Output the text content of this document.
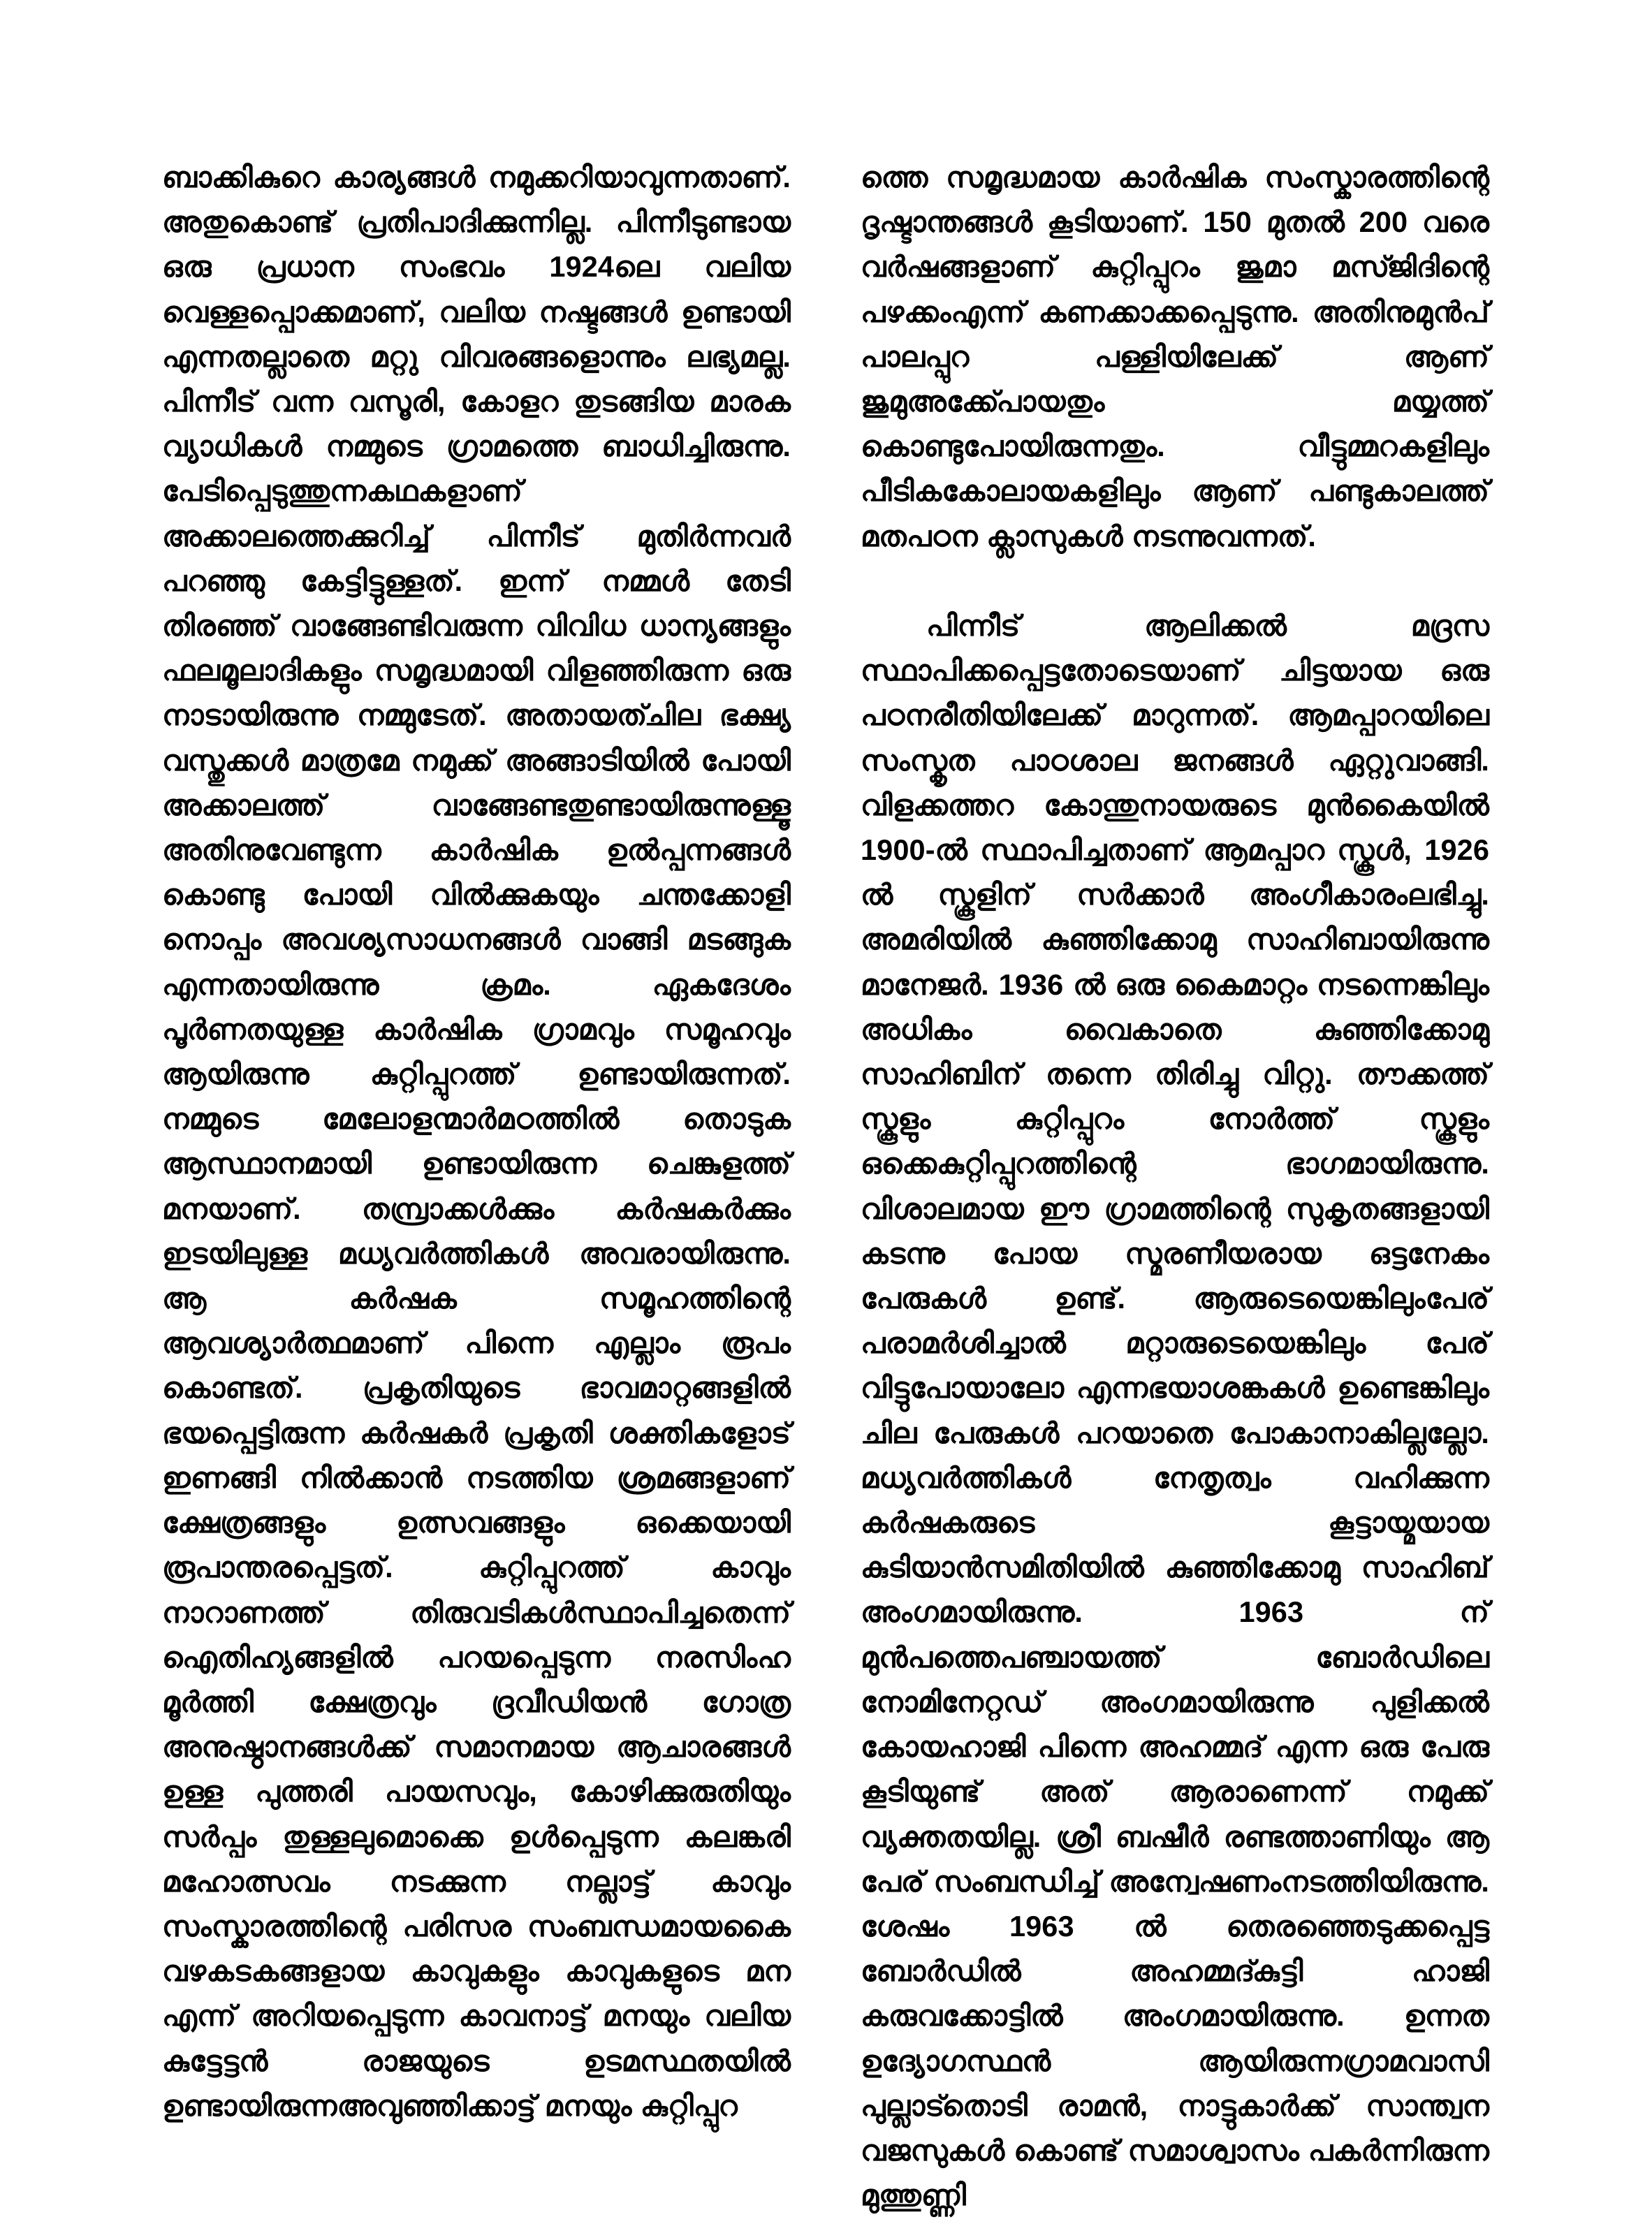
ബാക്കികുറെ കാര്യങ്ങൾ നമുക്കറിയാവുന്നതാണ്. അതുകൊണ്ട് പ്രതിപാദിക്കുന്നില്ല. പിന്നീടുണ്ടായ ഒരു പ്രധാന സംഭവം 1924ലെ വലിയ വെള്ളപ്പൊക്കമാണ്, വലിയ നഷ്ടങ്ങൾ ഉണ്ടായി എന്നതല്ലാതെ മറ്റു വിവരങ്ങളൊന്നും ലഭ്യമല്ല. പിന്നീട് വന്ന വസൂരി, കോളറ തുടങ്ങിയ മാരക വ്യാധികൾ നമ്മുടെ ഗ്രാമത്തെ ബാധിച്ചിരുന്നു. പേടിപ്പെടുത്തുന്നകഥകളാണ് അക്കാലത്തെക്കുറിച്ച് പിന്നീട് മുതിർന്നവർ പറഞ്ഞു കേട്ടിട്ടുള്ളത്. ഇന്ന് നമ്മൾ തേടി തിരഞ്ഞ് വാങ്ങേണ്ടിവരുന്ന വിവിധ ധാന്യങ്ങളും ഫലമൂലാദികളും സമൃദ്ധമായി വിളഞ്ഞിരുന്ന ഒരു നാടായിരുന്നു നമ്മുടേത്. അതായത്ചില ഭക്ഷ്യ വസ്തുക്കൾ മാത്രമേ നമുക്ക് അങ്ങാടിയിൽ പോയി അക്കാലത്ത് വാങ്ങേണ്ടതുണ്ടായിരുന്നുള്ളൂ അതിനുവേണ്ടുന്ന കാർഷിക ഉൽപ്പന്നങ്ങൾ കൊണ്ടു പോയി വിൽക്കുകയും ചന്തക്കോളി നൊപ്പം അവശ്യസാധനങ്ങൾ വാങ്ങി മടങ്ങുക എന്നതായിരുന്നു ക്രമം. ഏകദേശം പൂർണതയുള്ള കാർഷിക ഗ്രാമവും സമൂഹവും ആയിരുന്നു കുറ്റിപ്പുറത്ത് ഉണ്ടായിരുന്നത്. നമ്മുടെ മേലോളന്മാർമഠത്തിൽ തൊടുക ആസ്ഥാനമായി ഉണ്ടായിരുന്ന ചെങ്കുളത്ത് മനയാണ്. തമ്പ്രാക്കൾക്കും കർഷകർക്കും ഇടയിലുള്ള മധ്യവർത്തികൾ അവരായിരുന്നു. ആ കർഷക സമൂഹത്തിന്റെ ആവശ്യാർത്ഥമാണ് പിന്നെ എല്ലാം രൂപം കൊണ്ടത്. പ്രകൃതിയുടെ ഭാവമാറ്റങ്ങളിൽ ഭയപ്പെട്ടിരുന്ന കർഷകർ പ്രകൃതി ശക്തികളോട് ഇണങ്ങി നിൽക്കാൻ നടത്തിയ ശ്രമങ്ങളാണ് ക്ഷേത്രങ്ങളും ഉത്സവങ്ങളും ഒക്കെയായി രൂപാന്തരപ്പെട്ടത്. കുറ്റിപ്പുറത്ത് കാവും നാറാണത്ത് തിരുവടികൾസ്ഥാപിച്ചതെന്ന് ഐതിഹ്യങ്ങളിൽ പറയപ്പെടുന്ന നരസിംഹ മൂർത്തി ക്ഷേത്രവും ദ്രവീഡിയൻ ഗോത്ര അനുഷ്ഠാനങ്ങൾക്ക് സമാനമായ ആചാരങ്ങൾ ഉള്ള പുത്തരി പായസവും, കോഴിക്കുരുതിയും സർപ്പം തുള്ളലുമൊക്കെ ഉൾപ്പെടുന്ന കലങ്കരി മഹോത്സവം നടക്കുന്ന നല്ലാട്ട് കാവും സംസ്കാരത്തിന്റെ പരിസര സംബന്ധമായകൈ വഴകടകങ്ങളായ കാവുകളും കാവുകളുടെ മന എന്ന് അറിയപ്പെടുന്ന കാവനാട്ട് മനയും വലിയ കുട്ടേട്ടൻ രാജയുടെ ഉടമസ്ഥതയിൽ ഉണ്ടായിരുന്നഅവുഞ്ഞിക്കാട്ട് മനയും കുറ്റിപ്പുറ

ത്തെ സമൃദ്ധമായ കാർഷിക സംസ്കാരത്തിന്റെ ദൃഷ്ടാന്തങ്ങൾ കൂടിയാണ്. 150 മുതൽ 200 വരെ വർഷങ്ങളാണ് കുറ്റിപ്പുറം ജുമാ മസ്ജിദിന്റെ പഴക്കംഎന്ന് കണക്കാക്കപ്പെടുന്നു. അതിനുമുൻപ് പാലപ്പുറ പള്ളിയിലേക്ക് ആണ് ജുമുഅക്ക്പോയതും മയ്യത്ത് കൊണ്ടുപോയിരുന്നതും. വീട്ടുമ്മറകളിലും പീടികകോലായകളിലും ആണ് പണ്ടുകാലത്ത് മതപഠന ക്ലാസുകൾ നടന്നുവന്നത്.

പിന്നീട് ആലിക്കൽ മദ്രസ സ്ഥാപിക്കപ്പെട്ടതോടെയാണ് ചിട്ടയായ ഒരു പഠനരീതിയിലേക്ക് മാറുന്നത്. ആമപ്പാറയിലെ സംസ്കൃത പാഠശാല ജനങ്ങൾ ഏറ്റുവാങ്ങി. വിളക്കത്തറ കോന്തുനായരുടെ മുൻകൈയിൽ 1900-ൽ സ്ഥാപിച്ചതാണ് ആമപ്പാറ സ്കൂൾ, 1926 ൽ സ്കൂളിന് സർക്കാർ അംഗീകാരംലഭിച്ചു. അമരിയിൽ കുഞ്ഞിക്കോമു സാഹിബായിരുന്നു മാനേജർ. 1936 ൽ ഒരു കൈമാറ്റം നടന്നെങ്കിലും അധികം വൈകാതെ കുഞ്ഞിക്കോമു സാഹിബിന് തന്നെ തിരിച്ചു വിറ്റു. തൗക്കത്ത് സ്കൂളും കുറ്റിപ്പുറം നോർത്ത് സ്കൂളും ഒക്കെകുറ്റിപ്പുറത്തിന്റെ ഭാഗമായിരുന്നു. വിശാലമായ ഈ ഗ്രാമത്തിന്റെ സുകൃതങ്ങളായി കടന്നു പോയ സ്മരണീയരായ ഒട്ടനേകം പേരുകൾ ഉണ്ട്. ആരുടെയെങ്കിലുംപേര് പരാമർശിച്ചാൽ മറ്റാരുടെയെങ്കിലും പേര് വിട്ടുപോയാലോ എന്നഭയാശങ്കകൾ ഉണ്ടെങ്കിലും ചില പേരുകൾ പറയാതെ പോകാനാകില്ലല്ലോ. മധ്യവർത്തികൾ നേതൃത്വം വഹിക്കുന്ന കർഷകരുടെ കൂട്ടായ്മയായ കുടിയാൻസമിതിയിൽ കുഞ്ഞിക്കോമു സാഹിബ് അംഗമായിരുന്നു. 1963 ന് മുൻപത്തെപഞ്ചായത്ത് ബോർഡിലെ നോമിനേറ്റഡ് അംഗമായിരുന്നു പുളിക്കൽ കോയഹാജി പിന്നെ അഹമ്മദ് എന്ന ഒരു പേരു കൂടിയുണ്ട് അത് ആരാണെന്ന് നമുക്ക് വ്യക്തതയില്ല. ശ്രീ ബഷീർ രണ്ടത്താണിയും ആ പേര് സംബന്ധിച്ച് അന്വേഷണംനടത്തിയിരുന്നു. ശേഷം 1963 ൽ തെരഞ്ഞെടുക്കപ്പെട്ട ബോർഡിൽ അഹമ്മദ്കുട്ടി ഹാജി കരുവക്കോട്ടിൽ അംഗമായിരുന്നു. ഉന്നത ഉദ്യോഗസ്ഥൻ ആയിരുന്നഗ്രാമവാസി പുല്ലാട്തൊടി രാമൻ, നാട്ടുകാർക്ക് സാന്ത്വന വജസുകൾ കൊണ്ട് സമാശ്വാസം പകർന്നിരുന്ന മുത്തുണ്ണി
